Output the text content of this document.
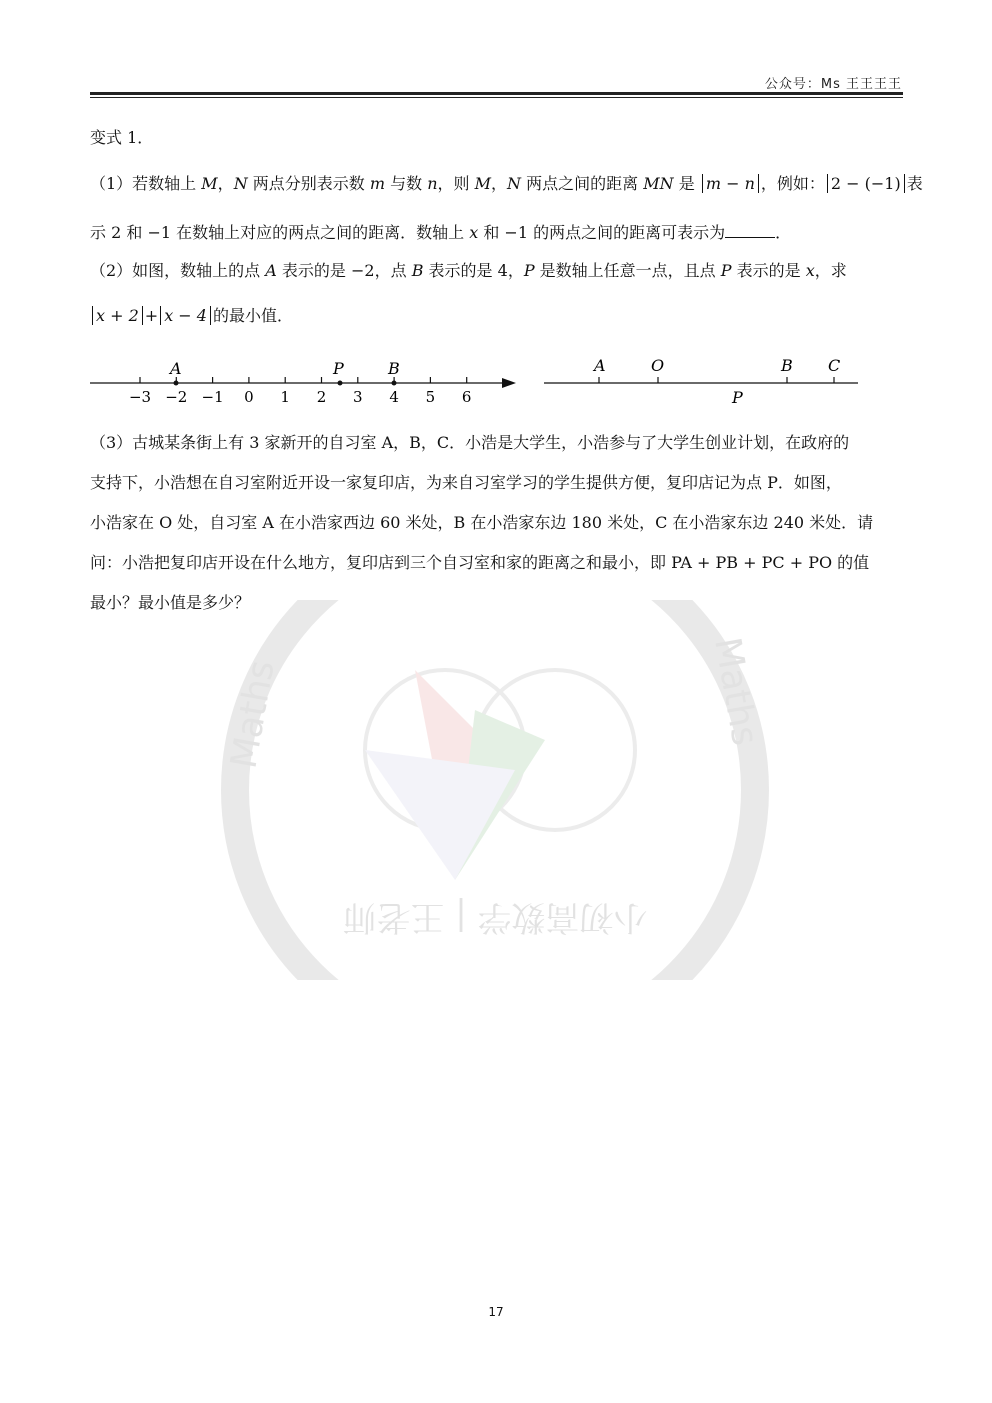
公众号：Ms 王王王王
Maths	Maths
小初高数学 | 王老师
变式 1．
（1）若数轴上 M，N 两点分别表示数 m 与数 n，则 M，N 两点之间的距离 MN 是 m − n ，例如： 2 − (−1) 表
示 2 和 −1 在数轴上对应的两点之间的距离．数轴上 x 和 −1 的两点之间的距离可表示为	．
（2）如图，数轴上的点 A 表示的是 −2，点 B 表示的是 4，P 是数轴上任意一点，且点 P 表示的是 x，求
x + 2 + x − 4 的最小值．
−3 −2 −1 0 1 2 3 4 5 6
A	P	B	A	O	B C
P
（3）古城某条街上有 3 家新开的自习室 A，B，C．小浩是大学生，小浩参与了大学生创业计划，在政府的
支持下，小浩想在自习室附近开设一家复印店，为来自习室学习的学生提供方便，复印店记为点 P．如图，
小浩家在 O 处，自习室 A 在小浩家西边 60 米处，B 在小浩家东边 180 米处，C 在小浩家东边 240 米处．请
问：小浩把复印店开设在什么地方，复印店到三个自习室和家的距离之和最小，即 PA + PB + PC + PO 的值
最小？最小值是多少？
17
